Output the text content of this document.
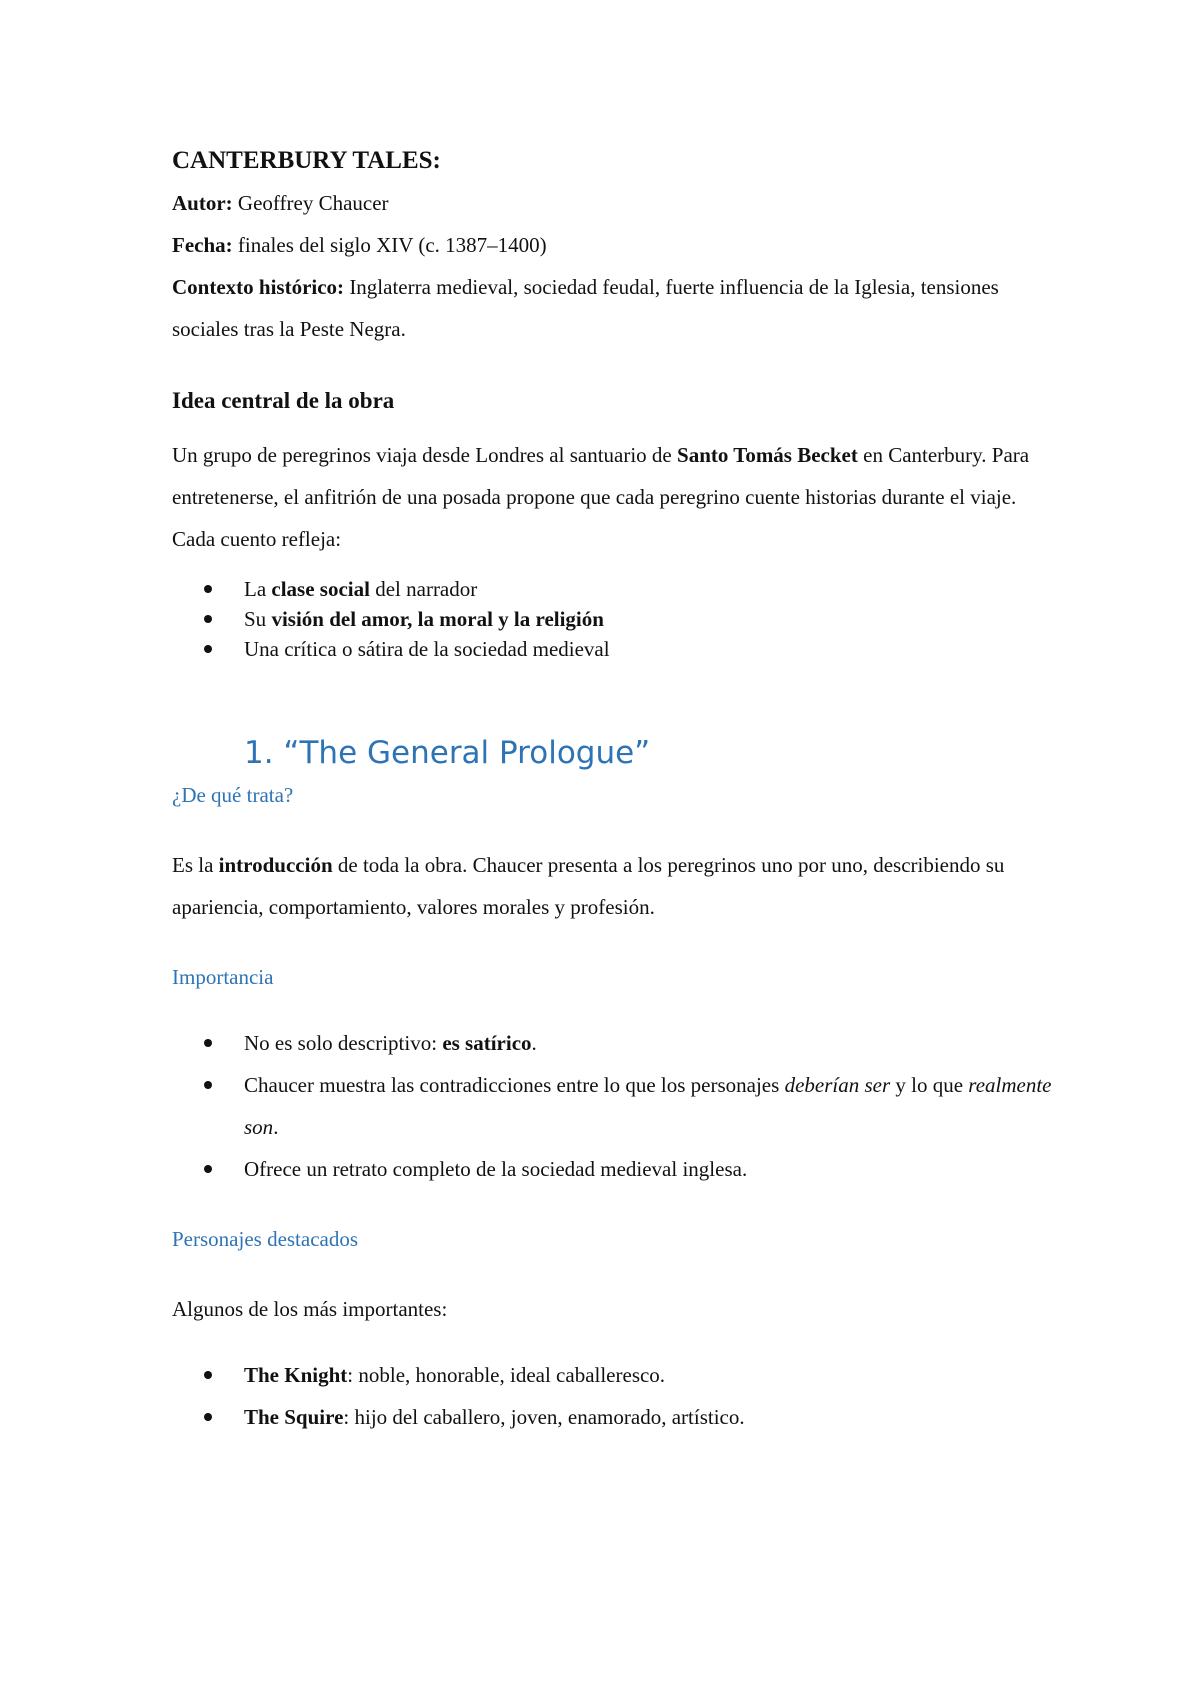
CANTERBURY TALES:

Autor: Geoffrey Chaucer

Fecha: finales del siglo XIV (c. 1387–1400)

Contexto histórico: Inglaterra medieval, sociedad feudal, fuerte influencia de la Iglesia, tensiones sociales tras la Peste Negra.

Idea central de la obra

Un grupo de peregrinos viaja desde Londres al santuario de Santo Tomás Becket en Canterbury. Para entretenerse, el anfitrión de una posada propone que cada peregrino cuente historias durante el viaje.

Cada cuento refleja:

La clase social del narrador
Su visión del amor, la moral y la religión
Una crítica o sátira de la sociedad medieval
1. “The General Prologue”

¿De qué trata?

Es la introducción de toda la obra. Chaucer presenta a los peregrinos uno por uno, describiendo su apariencia, comportamiento, valores morales y profesión.

Importancia

No es solo descriptivo: es satírico.
Chaucer muestra las contradicciones entre lo que los personajes deberían ser y lo que realmente son.
Ofrece un retrato completo de la sociedad medieval inglesa.

Personajes destacados

Algunos de los más importantes:

The Knight: noble, honorable, ideal caballeresco.
The Squire: hijo del caballero, joven, enamorado, artístico.
